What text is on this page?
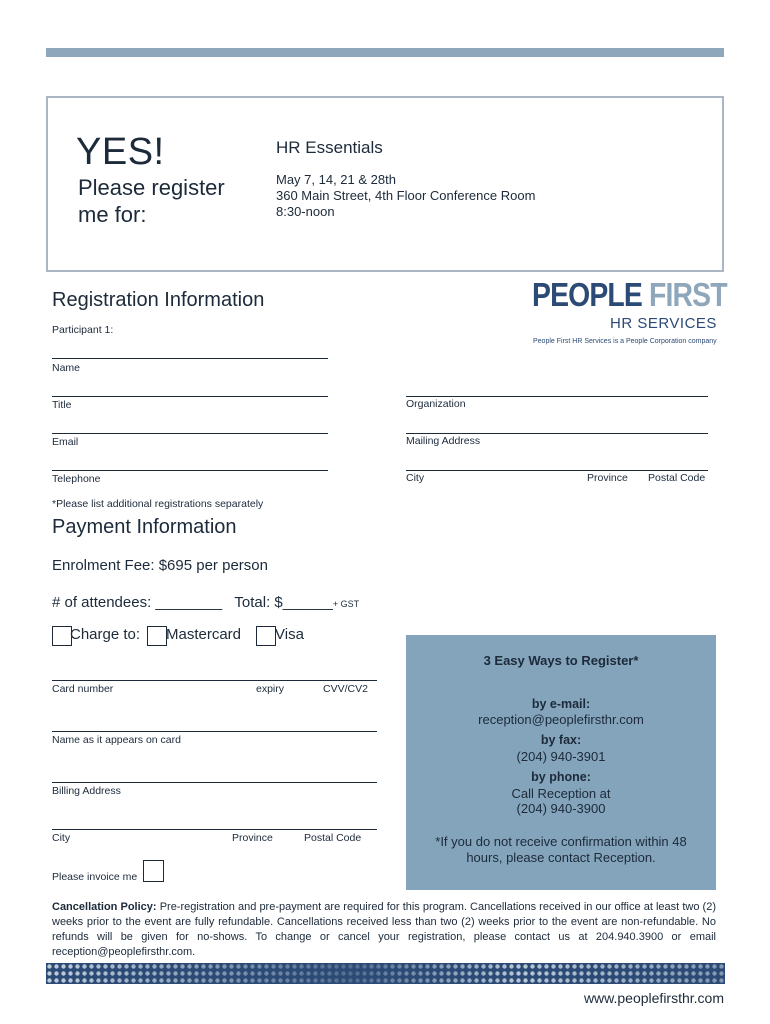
YES!
Please register me for:
HR Essentials
May 7, 14, 21 & 28th
360 Main Street, 4th Floor Conference Room
8:30-noon
PEOPLE FIRST
HR SERVICES
People First HR Services is a People Corporation company
Registration Information
Participant 1:
Name
Title	Organization
Email	Mailing Address
Telephone	City	Province Postal Code
*Please list additional registrations separately
Payment Information
Enrolment Fee: $695 per person
# of attendees: ________ Total: $______+ GST
Charge to: Mastercard Visa
Card number	expiry	CVV/CV2
Name as it appears on card
Billing Address
City	Province	Postal Code
Please invoice me
3 Easy Ways to Register*
by e-mail:
reception@peoplefirsthr.com
by fax:
(204) 940-3901
by phone:
Call Reception at
(204) 940-3900
*If you do not receive confirmation within 48 hours, please contact Reception.
Cancellation Policy: Pre-registration and pre-payment are required for this program. Cancellations received in our office at least two (2) weeks prior to the event are fully refundable. Cancellations received less than two (2) weeks prior to the event are non-refundable. No refunds will be given for no-shows. To change or cancel your registration, please contact us at 204.940.3900 or email reception@peoplefirsthr.com.
www.peoplefirsthr.com
